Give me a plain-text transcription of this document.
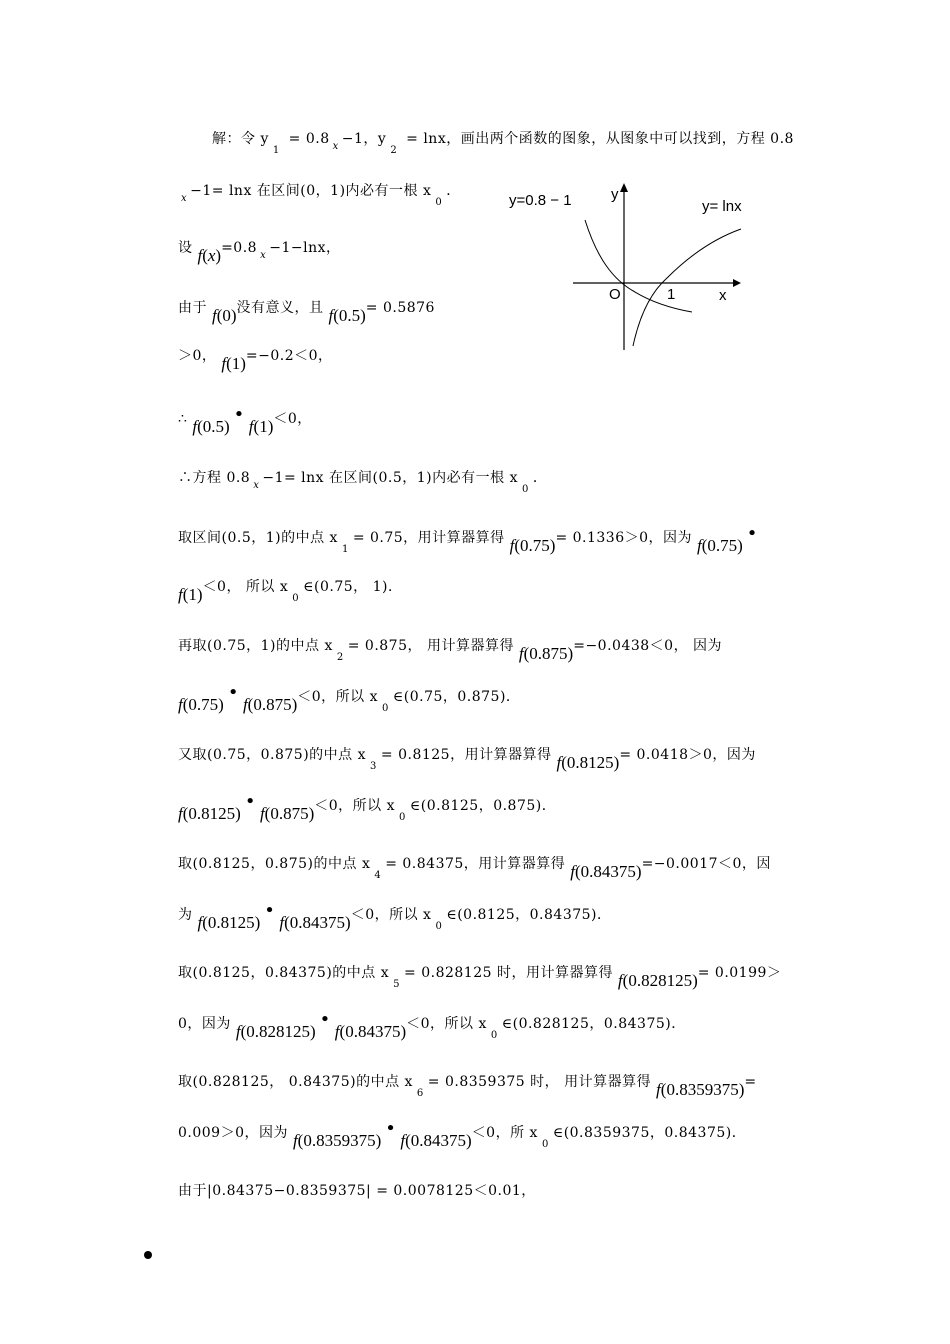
解：令 $y_1 = 0.8$ $_x$ −1，$y_2 = \ln x$，画出两个函数的图象，从图象中可以找到，方程 0.8
$_x$ −1= lnx 在区间(0，1)内必有一根 $x_0$．
设 f(x)=0.8 $_x$ −1−lnx，
由于 f(0)没有意义，且 f(0.5)= 0.5876
＞0， f(1)=−0.2＜0，
∴ f(0.5)•f(1)＜0，
∴方程 0.8 $_x$ −1= lnx 在区间(0.5，1)内必有一根 $x_0$．
取区间(0.5，1)的中点 $x_1= 0.75$，用计算器算得 f(0.75)= 0.1336＞0，因为 f(0.75)•
f(1)＜0， 所以 $x_0\in(0.75$， 1)．
再取(0.75，1)的中点 $x_2= 0.875$， 用计算器算得 f(0.875)=−0.0438＜0， 因为
f(0.75)•f(0.875)＜0，所以 $x_0\in(0.75$，0.875)．
又取(0.75，0.875)的中点 $x_3= 0.8125$，用计算器算得 f(0.8125)= 0.0418＞0，因为
f(0.8125)•f(0.875)＜0，所以 $x_0\in(0.8125$，0.875)．
取(0.8125，0.875)的中点 $x_4= 0.84375$，用计算器算得 f(0.84375)=−0.0017＜0，因
为 f(0.8125)•f(0.84375)＜0，所以 $x_0\in(0.8125$，0.84375)．
取(0.8125，0.84375)的中点 $x_5= 0.828125$ 时，用计算器算得 f(0.828125)= 0.0199＞
0，因为 f(0.828125)•f(0.84375)＜0，所以 $x_0\in(0.828125$，0.84375)．
取(0.828125， 0.84375)的中点 $x_6= 0.8359375$ 时， 用计算器算得 f(0.8359375)=
0.009＞0，因为 f(0.8359375)•f(0.84375)＜0，所 $x_0\in(0.8359375$，0.84375)．
由于|0.84375−0.8359375| = 0.0078125＜0.01，
y=0.8 − 1	y= lnx
y
x
O	1
